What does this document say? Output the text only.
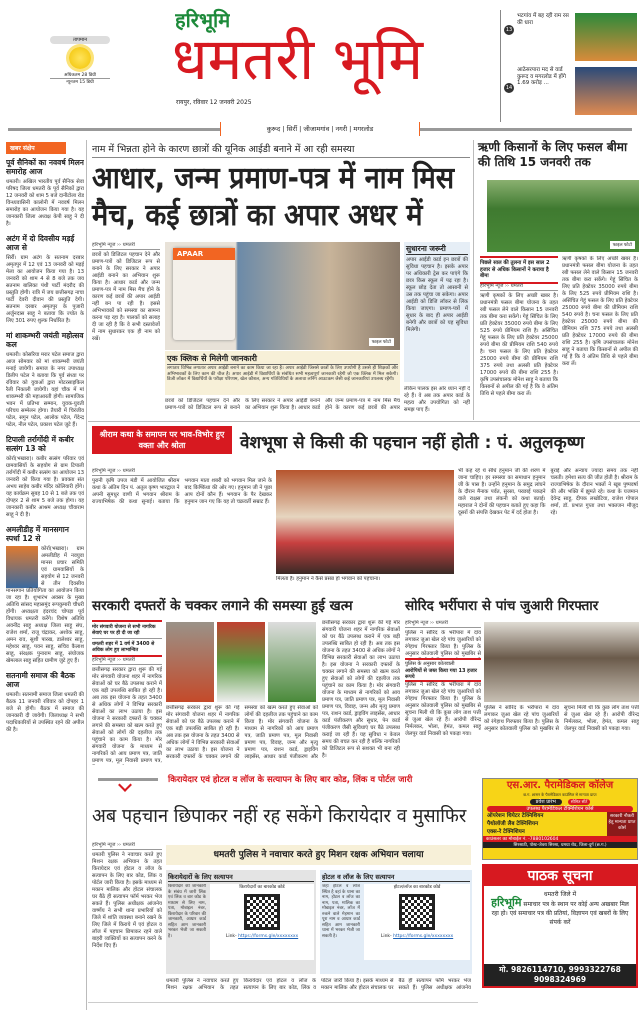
तापमान
अधिकतम 28 डिग्री
न्यूनतम 15 डिग्री
हरिभूमि
धमतरी भूमि
रायपुर, रविवार 12 जनवरी 2025
13
भटगांव में बह रही राम रस की धारा
14
आठेसरपारा मद से वार्ड कुरूद व मगरलोड में होंगे 1.69 करोड़ ...
कुरूद | सिर्री | जीजामगांव | नगरी | मगरलोड
खबर संक्षेप
पूर्व सैनिकों का नववर्ष मिलन समारोह आज

धमतरी। अखिल भारतीय पूर्व सैनिक सेवा परिषद जिला धमतरी के पूर्व सैनिकों द्वारा 12 जनवरी को शाम 5 बजे दानीटोला रोड विन्ध्यवासिनी कालोनी में नववर्ष मिलन समारोह का आयोजन किया गया है। यह जानकारी जिला अध्यक्ष केपी साहू ने दी है।

अटंग में दो दिवसीय मड़ई आज से

सिर्री। ग्राम अटंग के सतनाम दरबार अमृतपुर में 12 एवं 13 जनवरी को मड़ई मेला का आयोजन किया गया है। 13 जनवरी को शाम 4 से 8 बजे तक जय सतनाम बालिका पंथी पार्टी मंदरौद की प्रस्तुति होगी। रात्रि में जय छत्तीसगढ़ नाचा पार्टी देवरी दीवान की प्रस्तुति देगी। सतनाम दरबार अमृतपुर के पुजारी अर्जुनदास साहू ने बताया कि ज्योत के लिए 301 रुपए शुल्क निर्धारित है।

मां शाकम्भरी जयंती महोत्सव कल

धमतरी। कोसरिया मरार पटेल समाज द्वारा आज सोमवार को मां शाकम्भरी जयंती मनाई जायेगी। समाज के नगर उपाध्यक्ष डिलीप पटेल ने बताया कि पूर्व संध्या पर रविवार को युवाओं द्वारा मोटरसाइकिल रैली निकाली जायेगी। यहां चौक में मां शाकम्भरी की महाआरती होगी। सामाजिक भवन में प्रतिभा सम्मान, युवक-युवती परिचय सम्मेलन होगा। तैयारी में चिरंजीव पटेल, सगुन पटेल, आलोक पटेल, गेंदेन्द्र पटेल, नील पटेल, प्रकाश पटेल जुटे हैं।

टिपाली तर्रागोंदी में कबीर सत्संग 13 को

कोर्रा(भखारा)। कबीर सत्संग परिवार एवं ग्रामवासियों के सहयोग से ग्राम टिपाली तर्रागोंदी में कबीर सत्संग का आयोजन 13 जनवरी को किया गया है। प्रवक्ता संत अभय साहेब कबीर मंदिर कोलियारी होंगे। यह कार्यक्रम सुबह 10 से 1 बजे तक एवं दोपहर 2 से शाम 5 बजे तक होगा। यह जानकारी कबीर आश्रम अध्यक्ष चौवाराम साहू ने दी है।

अमलीडीह में मानसगान स्पर्धा 12 से

कोर्रा(भखारा)। ग्राम अमलीडीह में नवयुवा मानस प्रचार समिति एवं ग्रामवासियों के सहयोग से 12 जनवरी से तीन दिवसीय मानसगान प्रतियोगिता का आयोजन किया जा रहा है। शुभारंभ अवसर के मुख्य अतिथि सांसद महासमुंद रूपकुमारी चौधरी होंगी। अध्यक्षता इंदरचंद चोपड़ा पूर्व विधायक धमतरी करेंगे। विशेष अतिथि अवनींद्र साहू अध्यक्ष जिला साहू संघ, राजेश शर्मा, राजू चंद्राकर, अशोक साहू, अमन राव, सुशी पारख, डालेश्वर साहू, महेश्वर साहू, पवन साहू, सचिव कैलाश साहू, संरक्षक पुनाराम साहू, संयोजक खेमलाल साहू सहित ग्रामीण जुटे हुए हैं।

सतनामी समाज की बैठक आज

धमतरी। सतनामी समाज जिला धमतरी की बैठक 11 जनवरी रविवार को दोपहर 1 बजे से होगी। बैठक में समाज की जानकारी दी जायेगी। जिलाध्यक्ष ने सभी पदाधिकारियों से उपस्थित रहने की अपील की है।

नाम में भिन्नता होने के कारण छात्रों की यूनिक आईडी बनाने में आ रही समस्या
आधार, जन्म प्रमाण-पत्र में नाम मिस मैच, कई छात्रों का अपार अधर में
APAAR
फाइल फोटो
एक क्लिक से मिलेगी जानकारी

लगातार विभिन्न लगातार अपार आईडी बनाने का काम किया जा रहा है। अपार आईडी जिससे छात्रों के लिए उपयोगी है उससे ही शिक्षकों और अभिभावकों के लिए काम की चीज है। अपार आईडी में विद्यार्थियों के संबंधित सभी महत्वपूर्ण जानकारी रहेगी जो एक क्लिक में मिल सकेगी। डिजी लॉकर में विद्यार्थियों के परीक्षा परिणाम, खेल कौशल, अन्य गतिविधियों के अलावा लर्निंग आउटकम जैसी कई जानकारियां उपलब्ध रहेंगी।

हरिभूमि न्यूज ›› धमतरी

छात्रों को डिजिटल पहचान देने और प्रमाण-पत्रों को डिजिटल रूप से बनाने के लिए सरकार ने अपार आईडी बनाने का अभियान शुरू किया है। आधार कार्ड और जन्म प्रमाण-पत्र में नाम मिस मैच होने के कारण कई छात्रों की अपार आईडी नहीं बन पा रही है। इससे अभिभावकों को समस्या का सामना करना पड़ रहा है। पालकों को सलाह दी जा रही है कि वे सभी दस्तावेजों में नाम सुधारकर एक ही नाम को रखें।

छात्रों को डिजिटल पहचान देने और प्रमाण-पत्रों को डिजिटल रूप से बनाने के लिए सरकार ने अपार आईडी बनाने का अभियान शुरू किया है। आधार कार्ड और जन्म प्रमाण-पत्र में नाम मिस मैच होने के कारण कई छात्रों की अपार

सुधारना जरूरी

अपार आईडी कार्ड इन छात्रों की सुविधा पहचान है। इसके अपार पर अधिकारी ट्रेस कर पाएंगे कि छात्र किस स्कूल में पढ़ रहा है। स्कूल छोड़ देता तो आसानी से उस तक पहुंचा जा सकेगा। अपार आईडी को डिजि लॉकर से लिंक किया जाएगा। प्रमाण-पत्रों में सुधार के बाद ही अपार आईडी बनेगी और छात्रों को यह सुविधा मिलेगी।

लेकिन पालक इस ओर ध्यान नहीं दे रहे हैं। वे अब तक अपार कार्ड के महत्व और उपयोगिता को नहीं समझ पाए हैं।

ऋणी किसानों के लिए फसल बीमा की तिथि 15 जनवरी तक
फाइल फोटो

पिछले साल की तुलना में इस साल 2 हजार से अधिक किसानों ने कराया है बीमा

हरिभूमि न्यूज ›› धमतरी

ऋणी कृषकों के लिए अच्छी खबर है। प्रधानमंत्री फसल बीमा योजना के तहत रबी फसल लेने वाले किसान 15 जनवरी तक बीमा करा सकेंगे। गेहूं सिंचित के लिए प्रति हेक्टेयर 35000 रुपये बीमा के लिए 525 रुपये प्रीमियम राशि है। असिंचित गेहूं फसल के लिए प्रति हेक्टेयर 25000 रुपये बीमा की प्रीमियम राशि 540 रुपये है। चना फसल के लिए प्रति हेक्टेयर 25000 रुपये बीमा की प्रीमियम राशि 375 रुपये तथा अलसी प्रति हेक्टेयर 17000 रुपये की बीमा राशि 255 है। कृषि उपसंचालक मोनेश साहू ने बताया कि किसानों से अपील की गई है कि वे अंतिम तिथि से पहले बीमा करा लें।

ऋणी कृषकों के लिए अच्छी खबर है। प्रधानमंत्री फसल बीमा योजना के तहत रबी फसल लेने वाले किसान 15 जनवरी तक बीमा करा सकेंगे। गेहूं सिंचित के लिए प्रति हेक्टेयर 35000 रुपये बीमा के लिए 525 रुपये प्रीमियम राशि है। असिंचित गेहूं फसल के लिए प्रति हेक्टेयर 25000 रुपये बीमा की प्रीमियम राशि 540 रुपये है। चना फसल के लिए प्रति हेक्टेयर 25000 रुपये बीमा की प्रीमियम राशि 375 रुपये तथा अलसी प्रति हेक्टेयर 17000 रुपये की बीमा राशि 255 है। कृषि उपसंचालक मोनेश साहू ने बताया कि किसानों से अपील की गई है कि वे अंतिम तिथि से पहले बीमा करा लें।

श्रीराम कथा के समापन पर भाव-विभोर हुए वक्ता और श्रोता	वेशभूषा से किसी की पहचान नहीं होती : पं. अतुलकृष्ण
हरिभूमि न्यूज ›› धमतरी

पुरानी कृषि उपज मंडी में आयोजित श्रीराम कथा के अंतिम दिन पं. अतुल कृष्ण भारद्वाज ने अपनी सुमधुर वाणी में भगवान श्रीराम के राज्याभिषेक की कथा सुनाई। बताया कि भगवान माता शबरी को भगवान मिल जाने के बाद किष्किंधा की ओर गए। हनुमान जी ने पूछा आप दोनों कौन हैं। भगवान के पैर देखकर हनुमान जान गए कि यह तो चक्रवर्ती सम्राट हैं।

मिलता है। हनुमान ने कैसे प्रसन्न हो भगवान को पहचाना।

भी कह रहे थे सीधे हनुमान जी की शरण में जाना चाहिए। हर समस्या का समाधान हनुमान जी के पास है। उन्होंने हनुमान के समुद्र लांघने के दौरान मैनाक पर्वत, सुरसा, परछाई पकड़ने वाले राक्षस तथा लंकनी को कथा बताई। महाराज ने दोनों की पहचान बताते हुए कहा कि दूसरों की संपत्ति देखकर पेट में दर्द होता है।

बुराई और अन्याय ज्यादा समय तक नहीं चलती। हमेशा सत्य की जीत होती है। श्रीराम के राज्याभिषेक के दौरान भक्तों ने खूब पुष्पवर्षा की और भक्ति में झूमते रहे। कथा के यजमान देवेन्द्र साहू, दीपक लखोटिया, राजेश गोपाल शर्मा, डॉ. प्रभात गुप्ता तथा भक्तजन मौजूद रहे।

सरकारी दफ्तरों के चक्कर लगाने की समस्या हुई खत्म
मोर संगवारी योजना से सभी नागरिक सेवाएं घर पर ही दी जा रही
धमतरी शहर में 1 वर्ष में 3400 से अधिक लोग हुए लाभान्वित
हरिभूमि न्यूज ›› धमतरी

छत्तीसगढ़ सरकार द्वारा शुरू की गई मोर संगवारी योजना शहर में नागरिक सेवाओं को घर बैठे उपलब्ध कराने में एक बड़ी उपलब्धि साबित हो रही है। अब तक इस योजना के तहत 3400 से अधिक लोगों ने विभिन्न सरकारी सेवाओं का लाभ उठाया है। इस योजना ने सरकारी दफ्तरों के चक्कर लगाने की समस्या को खत्म करते हुए सेवाओं को लोगों की दहलीज तक पहुंचाने का काम किया है। मोर संगवारी योजना के माध्यम से नागरिकों को आय प्रमाण पत्र, जाति प्रमाण पत्र, मूल निवासी प्रमाण पत्र,

छत्तीसगढ़ सरकार द्वारा शुरू की गई मोर संगवारी योजना शहर में नागरिक सेवाओं को घर बैठे उपलब्ध कराने में एक बड़ी उपलब्धि साबित हो रही है। अब तक इस योजना के तहत 3400 से अधिक लोगों ने विभिन्न सरकारी सेवाओं का लाभ उठाया है। इस योजना ने सरकारी दफ्तरों के चक्कर लगाने की समस्या को खत्म करते हुए सेवाओं को लोगों की दहलीज तक पहुंचाने का काम किया है। मोर संगवारी योजना के माध्यम से नागरिकों को आय प्रमाण पत्र, जाति प्रमाण पत्र, मूल निवासी प्रमाण पत्र, विवाह, जन्म और मृत्यु प्रमाण पत्र, राशन कार्ड, ड्राइविंग लाइसेंस, आधार कार्ड पंजीकरण और

छत्तीसगढ़ सरकार द्वारा शुरू की गई मोर संगवारी योजना शहर में नागरिक सेवाओं को घर बैठे उपलब्ध कराने में एक बड़ी उपलब्धि साबित हो रही है। अब तक इस योजना के तहत 3400 से अधिक लोगों ने विभिन्न सरकारी सेवाओं का लाभ उठाया है। इस योजना ने सरकारी दफ्तरों के चक्कर लगाने की समस्या को खत्म करते हुए सेवाओं को लोगों की दहलीज तक पहुंचाने का काम किया है। मोर संगवारी योजना के माध्यम से नागरिकों को आय प्रमाण पत्र, जाति प्रमाण पत्र, मूल निवासी प्रमाण पत्र, विवाह, जन्म और मृत्यु प्रमाण पत्र, राशन कार्ड, ड्राइविंग लाइसेंस, आधार कार्ड पंजीकरण और सुधार, पेन कार्ड पंजीकरण जैसी सुविधाएं घर बैठे उपलब्ध कराई जा रही हैं। यह सुविधा न केवल समय की बचत कर रही है बल्कि नागरिकों को डिजिटल रूप से सशक्त भी बना रही है।

सोरिद भर्रीपारा से पांच जुआरी गिरफ्तार
हरिभूमि न्यूज ›› धमतरी

पुलिस ने सोरिद के भर्रीपारा में दांव लगाकर जुआ खेल रहे पांच जुआरियों को रंगेहाथ गिरफ्तार किया है। पुलिस के अनुसार कोतवाली पुलिस को मुखबिर से

पुलिस के अनुसार कोतवाली
आरोपियों से जब्त किया गया 13 हजार रूपये

पुलिस ने सोरिद के भर्रीपारा में दांव लगाकर जुआ खेल रहे पांच जुआरियों को रंगेहाथ गिरफ्तार किया है। पुलिस के अनुसार कोतवाली पुलिस को मुखबिर से सूचना मिली थी कि कुछ लोग ताश पत्ती से जुआ खेल रहे हैं। आरोपी वीरेन्द्र निर्मलकर, भोला, हेमंत, कमल साहू जेलपुर वार्ड निवासी को पकड़ा गया।

पुलिस ने सोरिद के भर्रीपारा में दांव लगाकर जुआ खेल रहे पांच जुआरियों को रंगेहाथ गिरफ्तार किया है। पुलिस के अनुसार कोतवाली पुलिस को मुखबिर से सूचना मिली थी कि कुछ लोग ताश पत्ती से जुआ खेल रहे हैं। आरोपी वीरेन्द्र निर्मलकर, भोला, हेमंत, कमल साहू जेलपुर वार्ड निवासी को पकड़ा गया।

किरायेदार एवं होटल व लॉज के सत्यापन के लिए बार कोड, लिंक व पोर्टल जारी
अब पहचान छिपाकर नहीं रह सकेंगे किरायेदार व मुसाफिर
हरिभूमि न्यूज ›› धमतरी

धमतरी पुलिस ने नवाचार करते हुए मिशन रक्षक अभियान के तहत किरायेदार एवं होटल व लॉज के सत्यापन के लिए बार कोड, लिंक व पोर्टल जारी किया है। इसके माध्यम से मकान मालिक और होटल संचालक घर बैठे ही सत्यापन फॉर्म भरकर भेज सकते हैं। पुलिस अधीक्षक आंजनेय वार्ष्णेय ने सभी थाना प्रभारियों को जिले में शांति व्यवस्था बनाने रखने के लिए जिले में किराये में एवं होटल व लॉज में पहचान छिपाकर रहने वाले बाहरी व्यक्तियों का सत्यापन करने के निर्देश दिए हैं।

धमतरी पुलिस ने नवाचार करते हुए मिशन रक्षक अभियान चलाया
किरायेदारों के लिए सत्यापन

किरायेदार की जानकारी के संबंध में जारी लिंक एवं लिंक व बार कोड के माध्यम से लिए नाम, पता, मोबाइल नंबर, किरायेदार के परिवार की जानकारी, आधार कार्ड सहित आम जानकारी भरकर भेजी जा सकती है।

किरायेदारों का बारकोड कोर्ड
Link- https://forms.gle/xxxxxxxx
होटल व लॉज के लिए सत्यापन

जहां होटल व लॉज स्थित है वहां के थाना का नाम, होटल व लॉज का नाम, पता, मालिक का मोबाइल नंबर, लॉज में रुकने वाले मेहमान का पूरा नाम व आधार कार्ड सहित आम जानकारी थाना में भरकर भेजी जा सकती है।

होटल/लॉज का बारकोड कोर्ड
Link- https://forms.gle/xxxxxxxx

धमतरी पुलिस ने नवाचार करते हुए मिशन रक्षक अभियान के तहत किरायेदार एवं होटल व लॉज के सत्यापन के लिए बार कोड, लिंक व पोर्टल जारी किया है। इसके माध्यम से मकान मालिक और होटल संचालक घर बैठे ही सत्यापन फॉर्म भरकर भेज सकते हैं। पुलिस अधीक्षक आंजनेय

एस.आर. पैरामेडिकल कॉलेज
छ.ग. शासन के पैरामेडिकल काउंसिल से मान्यता प्राप्त
प्रवेश प्रारंभ	सीमित सीटें
उपलब्ध पैरामेडिकल टेक्निशियन कोर्स
ऑपरेशन थियेटर टेक्निशियन
पैथोलॉजी लैब टेक्निशियन
एक्स-रे टेक्निशियन
सरकारी नौकरी हेतु मान्यता प्राप्त कोर्स
काउंसलर का मोबाईल नं. -7880102604
सिरसाठी, पोस्ट-जेवरा सिरसा, धमधा रोड, जिला-दुर्ग (छ.ग.)
पाठक सूचना
धमतरी जिले में
हरिभूमि समाचार पत्र के स्थान पर कोई अन्य अखबार मिल रहा हो। एवं समाचार पत्र की प्रतियां, विज्ञापन एवं खबरों के लिए संपर्क करें
मो. 9826114710, 9993322768 9098324969
